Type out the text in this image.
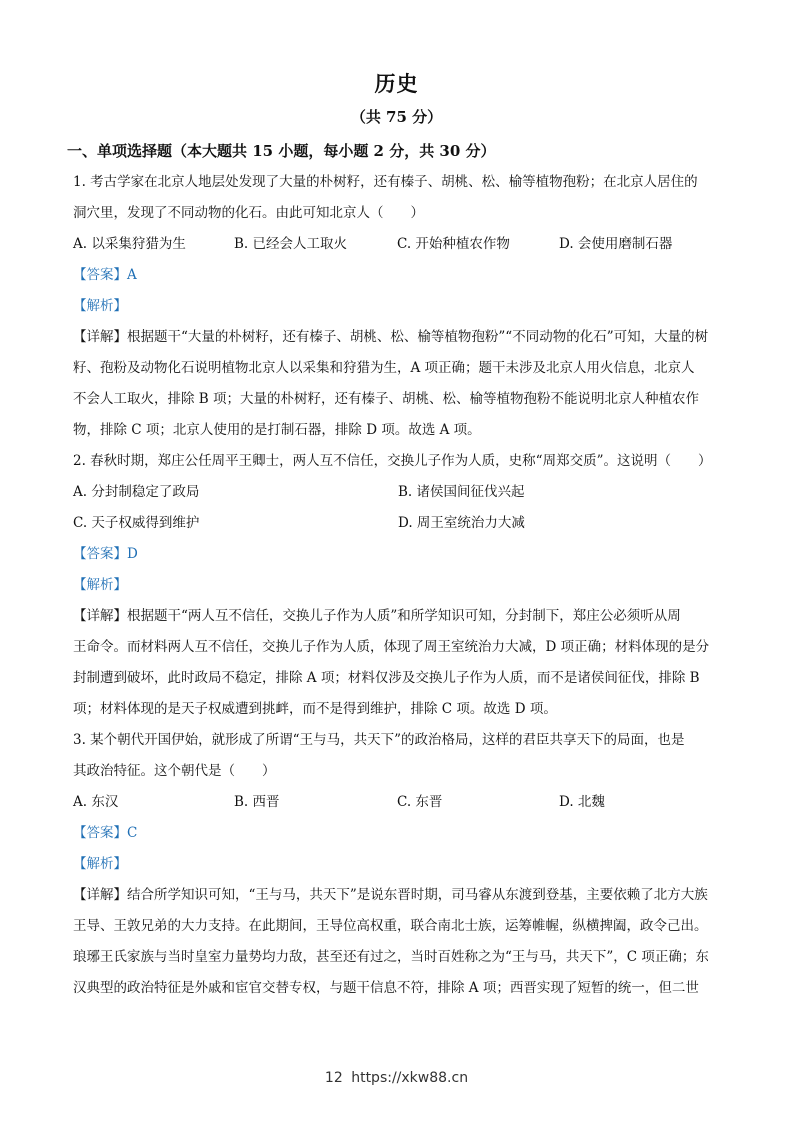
历史
（共 75 分）
一、单项选择题（本大题共 15 小题，每小题 2 分，共 30 分）

1. 考古学家在北京人地层处发现了大量的朴树籽，还有榛子、胡桃、松、榆等植物孢粉；在北京人居住的

洞穴里，发现了不同动物的化石。由此可知北京人（　　）

A. 以采集狩猎为生	B. 已经会人工取火	C. 开始种植农作物	D. 会使用磨制石器

【答案】A

【解析】

【详解】根据题干“大量的朴树籽，还有榛子、胡桃、松、榆等植物孢粉”“不同动物的化石”可知，大量的树

籽、孢粉及动物化石说明植物北京人以采集和狩猎为生，A 项正确；题干未涉及北京人用火信息，北京人

不会人工取火，排除 B 项；大量的朴树籽，还有榛子、胡桃、松、榆等植物孢粉不能说明北京人种植农作

物，排除 C 项；北京人使用的是打制石器，排除 D 项。故选 A 项。

2. 春秋时期，郑庄公任周平王卿士，两人互不信任，交换儿子作为人质，史称“周郑交质”。这说明（　　）

A. 分封制稳定了政局	B. 诸侯国间征伐兴起
C. 天子权威得到维护	D. 周王室统治力大减

【答案】D

【解析】

【详解】根据题干“两人互不信任，交换儿子作为人质”和所学知识可知，分封制下，郑庄公必须听从周

王命令。而材料两人互不信任，交换儿子作为人质，体现了周王室统治力大减，D 项正确；材料体现的是分

封制遭到破坏，此时政局不稳定，排除 A 项；材料仅涉及交换儿子作为人质，而不是诸侯间征伐，排除 B

项；材料体现的是天子权威遭到挑衅，而不是得到维护，排除 C 项。故选 D 项。

3. 某个朝代开国伊始，就形成了所谓“王与马，共天下”的政治格局，这样的君臣共享天下的局面，也是

其政治特征。这个朝代是（　　）

A. 东汉	B. 西晋	C. 东晋	D. 北魏

【答案】C

【解析】

【详解】结合所学知识可知，“王与马，共天下”是说东晋时期，司马睿从东渡到登基，主要依赖了北方大族

王导、王敦兄弟的大力支持。在此期间，王导位高权重，联合南北士族，运筹帷幄，纵横捭阖，政令己出。

琅琊王氏家族与当时皇室力量势均力敌，甚至还有过之，当时百姓称之为“王与马，共天下”，C 项正确；东

汉典型的政治特征是外戚和宦官交替专权，与题干信息不符，排除 A 项；西晋实现了短暂的统一，但二世

12 https://xkw88.cn
